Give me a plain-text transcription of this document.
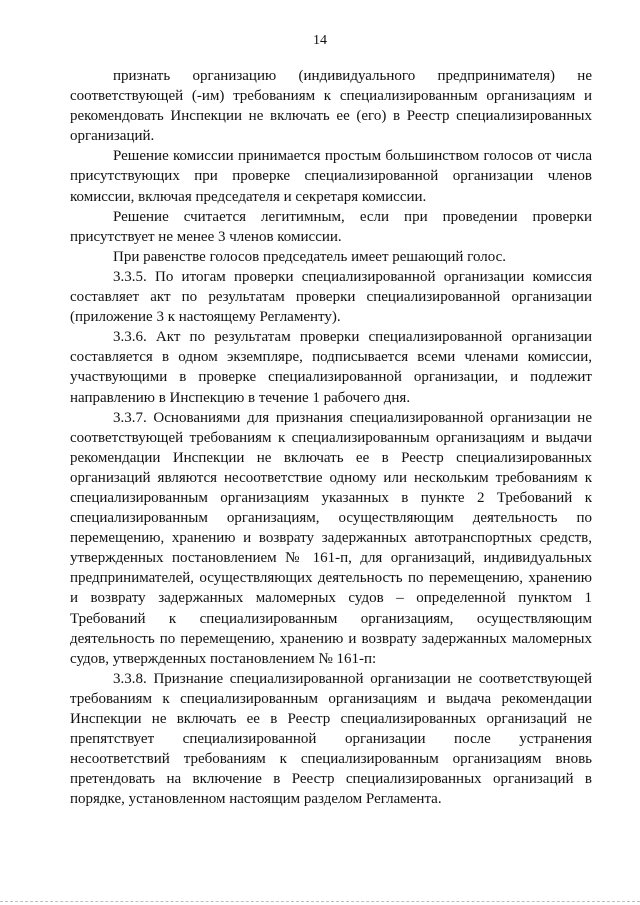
14

признать организацию (индивидуального предпринимателя) не соответствующей (-им) требованиям к специализированным организациям и рекомендовать Инспекции не включать ее (его) в Реестр специализированных организаций.

Решение комиссии принимается простым большинством голосов от числа присутствующих при проверке специализированной организации членов комиссии, включая председателя и секретаря комиссии.

Решение считается легитимным, если при проведении проверки присутствует не менее 3 членов комиссии.

При равенстве голосов председатель имеет решающий голос.

3.3.5. По итогам проверки специализированной организации комиссия составляет акт по результатам проверки специализированной организации (приложение 3 к настоящему Регламенту).

3.3.6. Акт по результатам проверки специализированной организации составляется в одном экземпляре, подписывается всеми членами комиссии, участвующими в проверке специализированной организации, и подлежит направлению в Инспекцию в течение 1 рабочего дня.

3.3.7. Основаниями для признания специализированной организации не соответствующей требованиям к специализированным организациям и выдачи рекомендации Инспекции не включать ее в Реестр специализированных организаций являются несоответствие одному или нескольким требованиям к специализированным организациям указанных в пункте 2 Требований к специализированным организациям, осуществляющим деятельность по перемещению, хранению и возврату задержанных автотранспортных средств, утвержденных постановлением № 161-п, для организаций, индивидуальных предпринимателей, осуществляющих деятельность по перемещению, хранению и возврату задержанных маломерных судов – определенной пунктом 1 Требований к специализированным организациям, осуществляющим деятельность по перемещению, хранению и возврату задержанных маломерных судов, утвержденных постановлением № 161-п:

3.3.8. Признание специализированной организации не соответствующей требованиям к специализированным организациям и выдача рекомендации Инспекции не включать ее в Реестр специализированных организаций не препятствует специализированной организации после устранения несоответствий требованиям к специализированным организациям вновь претендовать на включение в Реестр специализированных организаций в порядке, установленном настоящим разделом Регламента.
